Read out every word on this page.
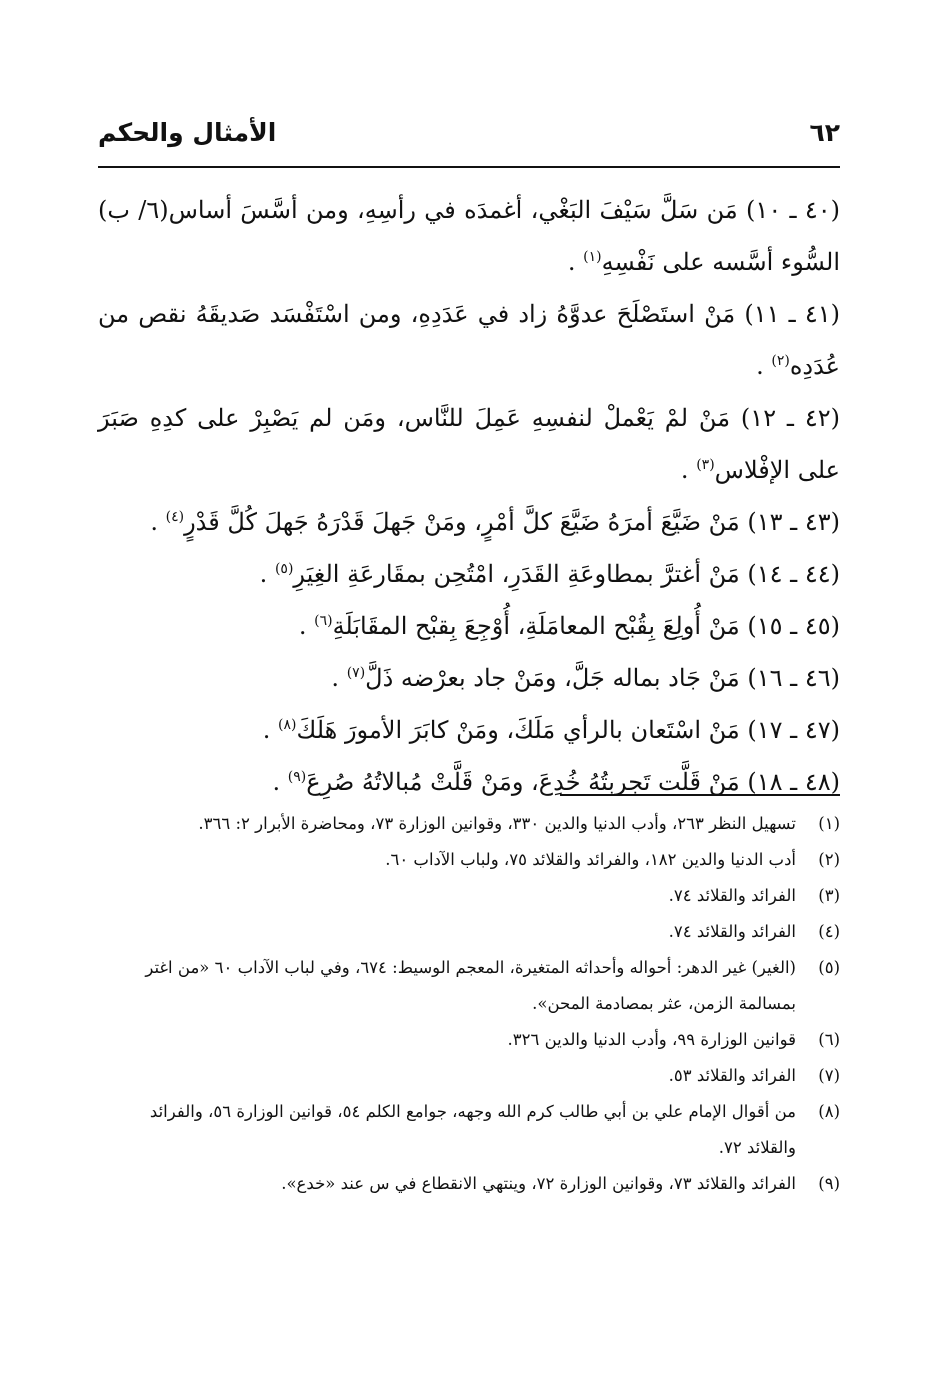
٦٢
الأمثال والحكم

(٤٠ ـ ١٠) مَن سَلَّ سَيْفَ البَغْي، أغمدَه في رأسِهِ، ومن أسَّسَ أساس(٦/ ب) السُّوء أسَّسه على نَفْسِهِ$^{(١)}$ .

(٤١ ـ ١١) مَنْ استَصْلَحَ عدوَّهُ زاد في عَدَدِهِ، ومن اسْتَفْسَد صَديقَهُ نقص من عُدَدِه$^{(٢)}$ .

(٤٢ ـ ١٢) مَنْ لمْ يَعْملْ لنفسِهِ عَمِلَ للنَّاس، ومَن لم يَصْبِرْ على كدِهِ صَبَرَ على الإفْلاس$^{(٣)}$ .

(٤٣ ـ ١٣) مَنْ ضَيَّعَ أمرَهُ ضَيَّعَ كلَّ أمْرٍ، ومَنْ جَهلَ قَدْرَهُ جَهلَ كُلَّ قَدْرٍ$^{(٤)}$ .

(٤٤ ـ ١٤) مَنْ أغترَّ بمطاوعَةِ القَدَرِ، امْتُحِن بمقَارعَةِ الغِيَرِ$^{(٥)}$ .

(٤٥ ـ ١٥) مَنْ أُولِعَ بِقُبْح المعامَلَةِ، أُوْجِعَ بِقبْح المقَابَلَةِ$^{(٦)}$ .

(٤٦ ـ ١٦) مَنْ جَاد بماله جَلَّ، ومَنْ جاد بعرْضه ذَلَّ$^{(٧)}$ .

(٤٧ ـ ١٧) مَنْ اسْتَعان بالرأي مَلَكَ، ومَنْ كابَرَ الأمورَ هَلَكَ$^{(٨)}$ .

(٤٨ ـ ١٨) مَنْ قَلَّت تَجربتُهُ خُدِعَ، ومَنْ قَلَّتْ مُبالاتُهُ صُرِعَ$^{(٩)}$ .

(١)
تسهيل النظر ٢٦٣، وأدب الدنيا والدين ٣٣٠، وقوانين الوزارة ٧٣، ومحاضرة الأبرار ٢: ٣٦٦.

(٢)
أدب الدنيا والدين ١٨٢، والفرائد والقلائد ٧٥، ولباب الآداب ٦٠.

(٣)
الفرائد والقلائد ٧٤.

(٤)
الفرائد والقلائد ٧٤.

(٥)
(الغير) غير الدهر: أحواله وأحداثه المتغيرة، المعجم الوسيط: ٦٧٤، وفي لباب الآداب ٦٠ «من اغتر بمسالمة الزمن، عثر بمصادمة المحن».

(٦)
قوانين الوزارة ٩٩، وأدب الدنيا والدين ٣٢٦.

(٧)
الفرائد والقلائد ٥٣.

(٨)
من أقوال الإمام علي بن أبي طالب كرم الله وجهه، جوامع الكلم ٥٤، قوانين الوزارة ٥٦، والفرائد والقلائد ٧٢.

(٩)
الفرائد والقلائد ٧٣، وقوانين الوزارة ٧٢، وينتهي الانقطاع في س عند «خدع».
